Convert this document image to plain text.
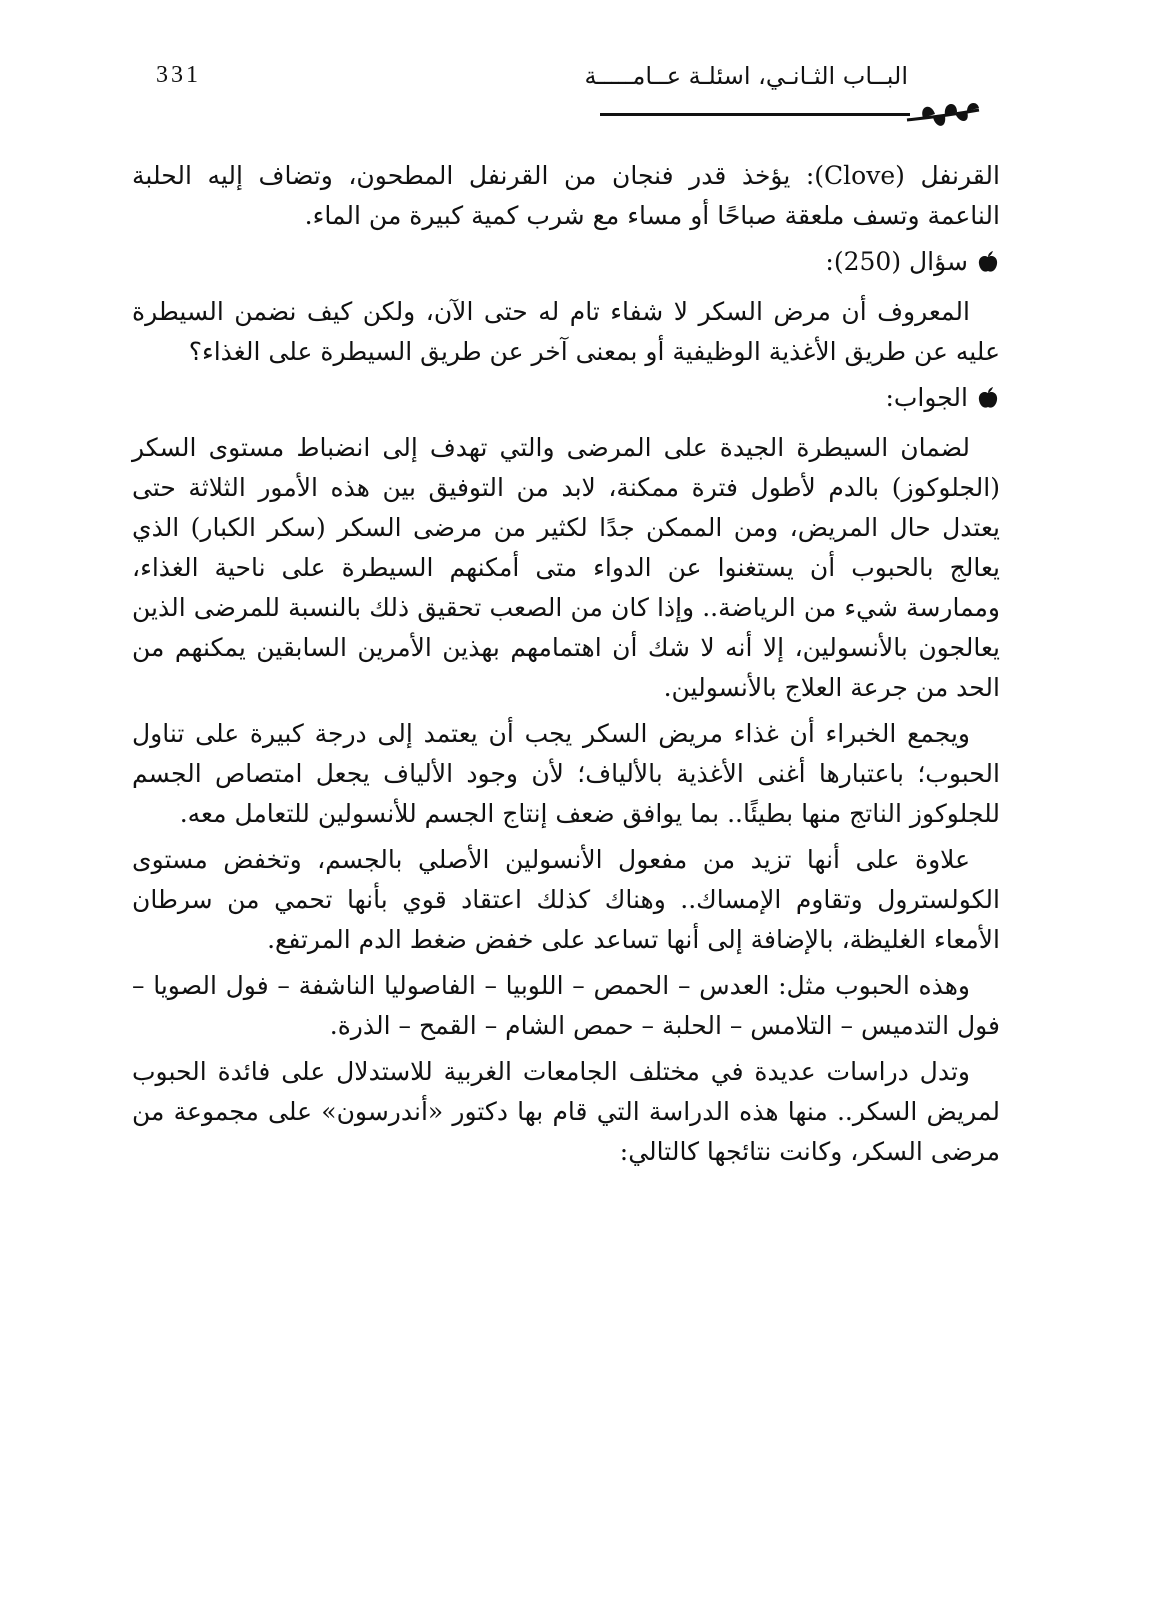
331	البــاب الثـانـي، اسئلـة عــامـــــة

القرنفل (Clove): يؤخذ قدر فنجان من القرنفل المطحون، وتضاف إليه الحلبة الناعمة وتسف ملعقة صباحًا أو مساء مع شرب كمية كبيرة من الماء.

سؤال (250):

المعروف أن مرض السكر لا شفاء تام له حتى الآن، ولكن كيف نضمن السيطرة عليه عن طريق الأغذية الوظيفية أو بمعنى آخر عن طريق السيطرة على الغذاء؟

الجواب:

لضمان السيطرة الجيدة على المرضى والتي تهدف إلى انضباط مستوى السكر (الجلوكوز) بالدم لأطول فترة ممكنة، لابد من التوفيق بين هذه الأمور الثلاثة حتى يعتدل حال المريض، ومن الممكن جدًا لكثير من مرضى السكر (سكر الكبار) الذي يعالج بالحبوب أن يستغنوا عن الدواء متى أمكنهم السيطرة على ناحية الغذاء، وممارسة شيء من الرياضة.. وإذا كان من الصعب تحقيق ذلك بالنسبة للمرضى الذين يعالجون بالأنسولين، إلا أنه لا شك أن اهتمامهم بهذين الأمرين السابقين يمكنهم من الحد من جرعة العلاج بالأنسولين.

ويجمع الخبراء أن غذاء مريض السكر يجب أن يعتمد إلى درجة كبيرة على تناول الحبوب؛ باعتبارها أغنى الأغذية بالألياف؛ لأن وجود الألياف يجعل امتصاص الجسم للجلوكوز الناتج منها بطيئًا.. بما يوافق ضعف إنتاج الجسم للأنسولين للتعامل معه.

علاوة على أنها تزيد من مفعول الأنسولين الأصلي بالجسم، وتخفض مستوى الكولسترول وتقاوم الإمساك.. وهناك كذلك اعتقاد قوي بأنها تحمي من سرطان الأمعاء الغليظة، بالإضافة إلى أنها تساعد على خفض ضغط الدم المرتفع.

وهذه الحبوب مثل: العدس – الحمص – اللوبيا – الفاصوليا الناشفة – فول الصويا – فول التدميس – التلامس – الحلبة – حمص الشام – القمح – الذرة.

وتدل دراسات عديدة في مختلف الجامعات الغربية للاستدلال على فائدة الحبوب لمريض السكر.. منها هذه الدراسة التي قام بها دكتور «أندرسون» على مجموعة من مرضى السكر، وكانت نتائجها كالتالي:
